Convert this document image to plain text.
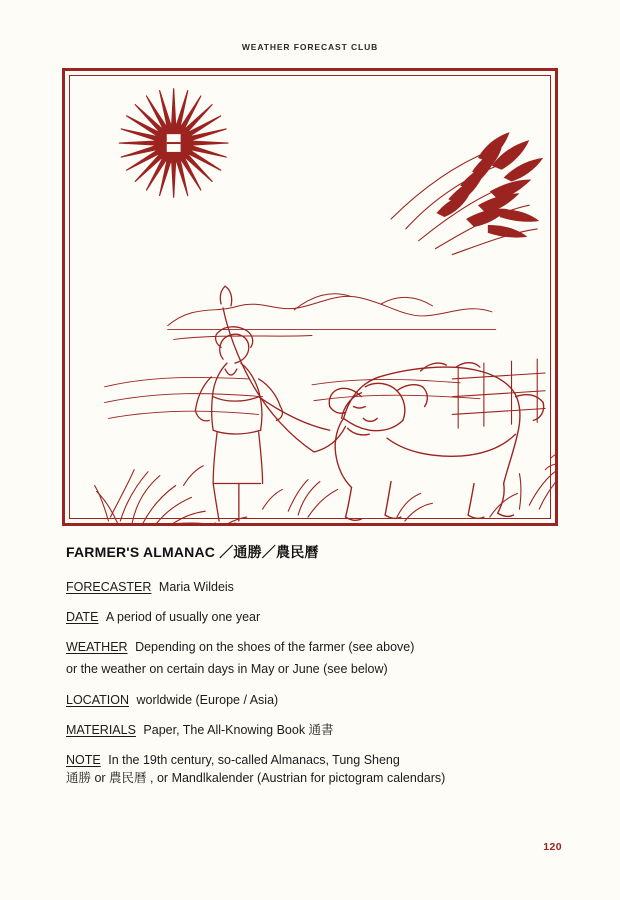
WEATHER FORECAST CLUB
FARMER'S ALMANAC ／通勝／農民曆
FORECASTER Maria Wildeis
DATE A period of usually one year
WEATHER Depending on the shoes of the farmer (see above)
or the weather on certain days in May or June (see below)
LOCATION worldwide (Europe / Asia)
MATERIALS Paper, The All-Knowing Book 通書
NOTE In the 19th century, so-called Almanacs, Tung Sheng
通勝 or 農民曆 , or Mandlkalender (Austrian for pictogram calendars)
120
